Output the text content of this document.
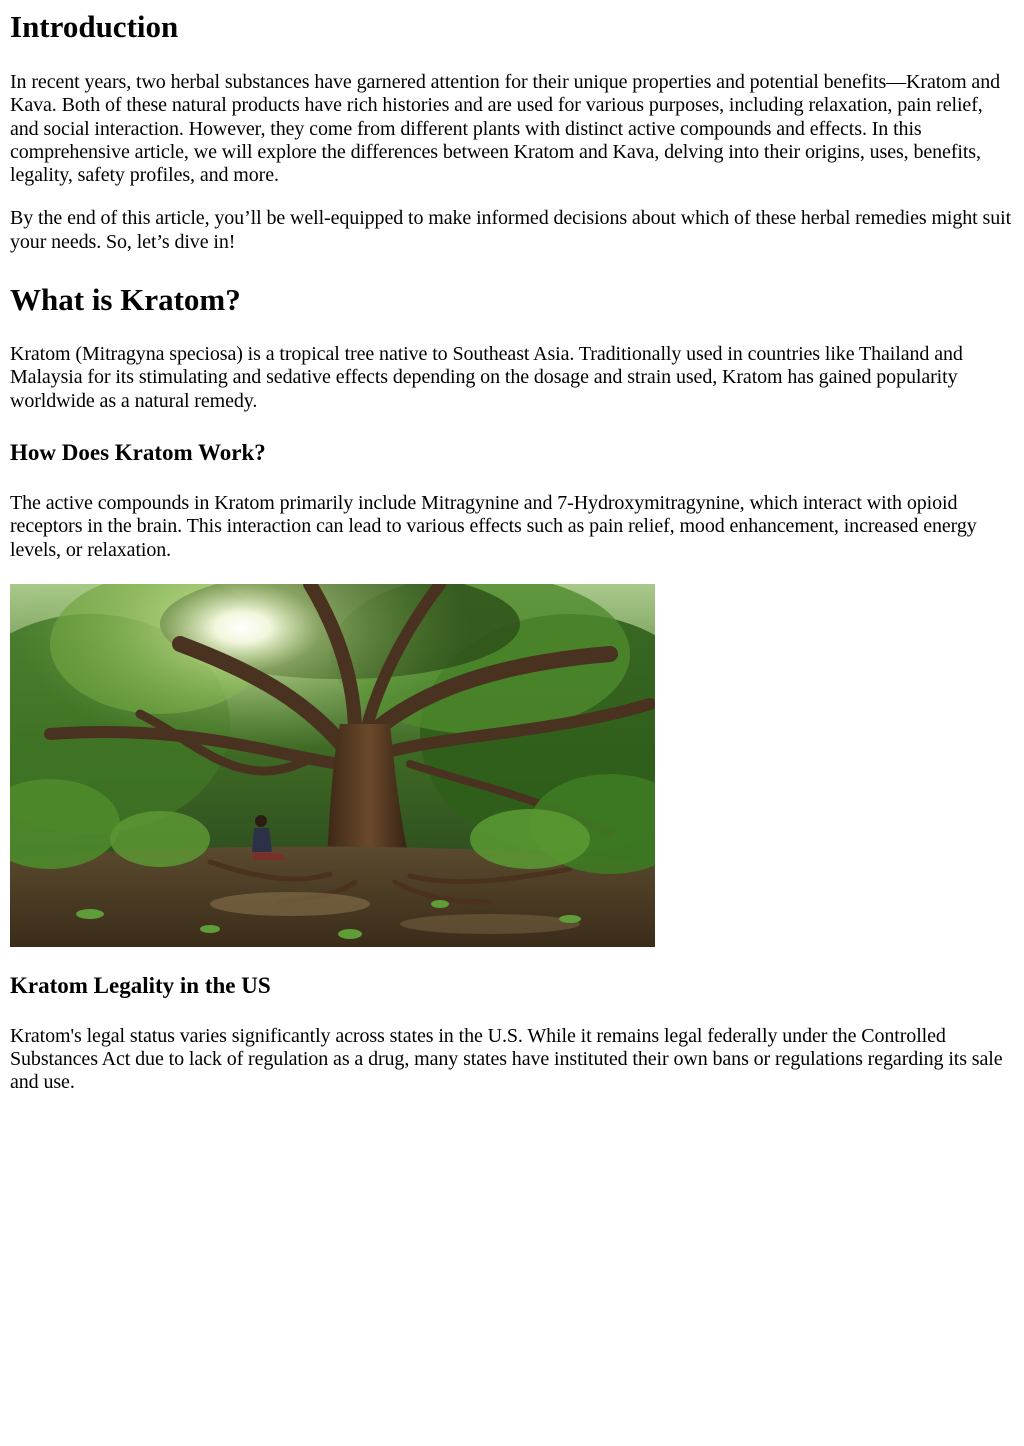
Introduction

In recent years, two herbal substances have garnered attention for their unique properties and potential benefits—Kratom and Kava. Both of these natural products have rich histories and are used for various purposes, including relaxation, pain relief, and social interaction. However, they come from different plants with distinct active compounds and effects. In this comprehensive article, we will explore the differences between Kratom and Kava, delving into their origins, uses, benefits, legality, safety profiles, and more.

By the end of this article, you’ll be well-equipped to make informed decisions about which of these herbal remedies might suit your needs. So, let’s dive in!

What is Kratom?

Kratom (Mitragyna speciosa) is a tropical tree native to Southeast Asia. Traditionally used in countries like Thailand and Malaysia for its stimulating and sedative effects depending on the dosage and strain used, Kratom has gained popularity worldwide as a natural remedy.

How Does Kratom Work?

The active compounds in Kratom primarily include Mitragynine and 7-Hydroxymitragynine, which interact with opioid receptors in the brain. This interaction can lead to various effects such as pain relief, mood enhancement, increased energy levels, or relaxation.

Kratom Legality in the US

Kratom's legal status varies significantly across states in the U.S. While it remains legal federally under the Controlled Substances Act due to lack of regulation as a drug, many states have instituted their own bans or regulations regarding its sale and use.
